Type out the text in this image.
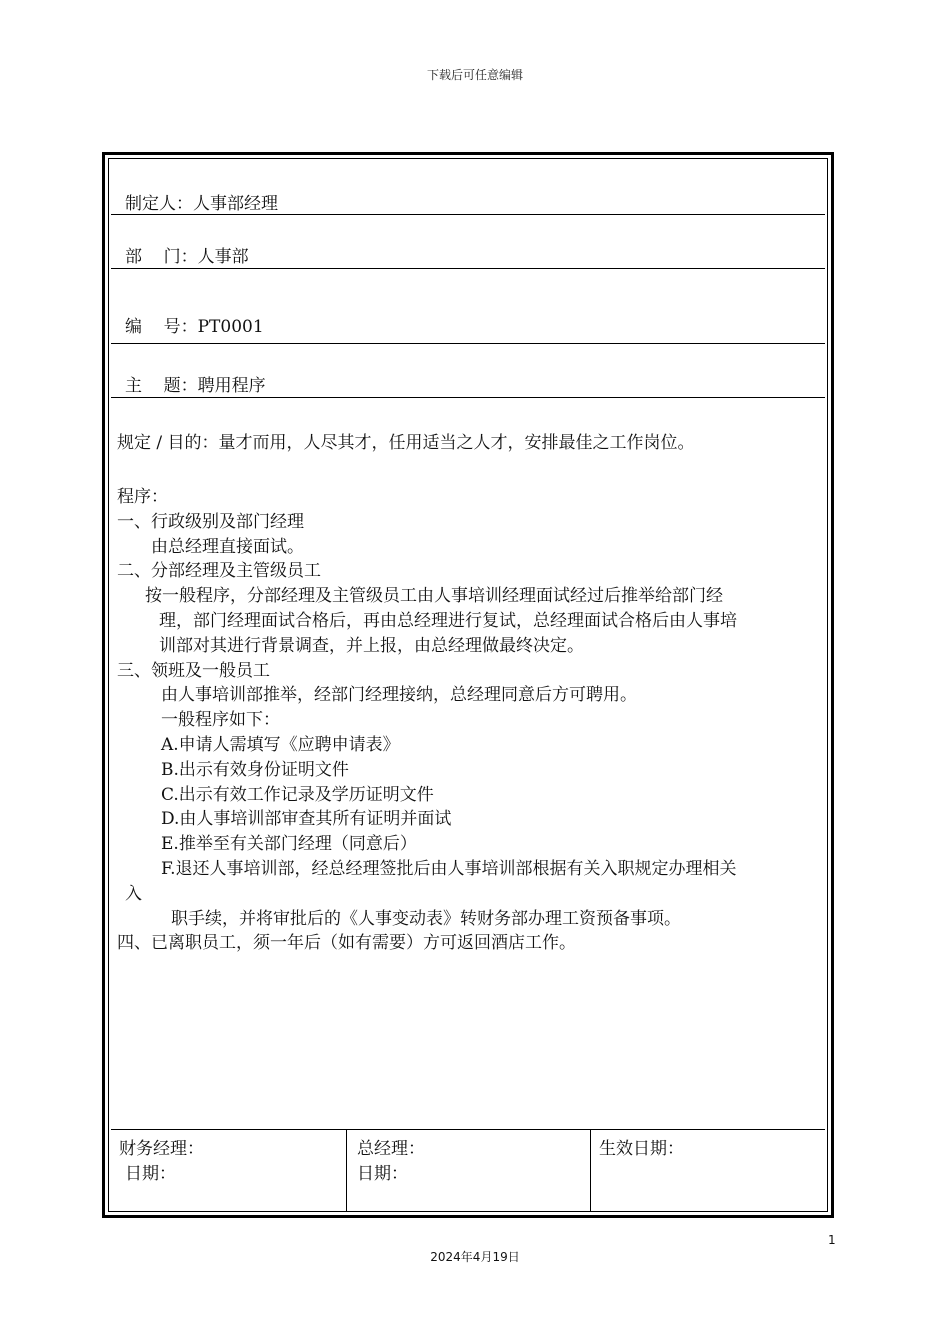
下载后可任意编辑
制定人：人事部经理
部    门：人事部
编    号：PT0001
主    题：聘用程序
规定 / 目的：量才而用，人尽其才，任用适当之人才，安排最佳之工作岗位。
程序：
一、行政级别及部门经理
由总经理直接面试。
二、分部经理及主管级员工
按一般程序，分部经理及主管级员工由人事培训经理面试经过后推举给部门经
理，部门经理面试合格后，再由总经理进行复试，总经理面试合格后由人事培
训部对其进行背景调查，并上报，由总经理做最终决定。
三、领班及一般员工
由人事培训部推举，经部门经理接纳，总经理同意后方可聘用。
一般程序如下：
A.申请人需填写《应聘申请表》
B.出示有效身份证明文件
C.出示有效工作记录及学历证明文件
D.由人事培训部审查其所有证明并面试
E.推举至有关部门经理（同意后）
F.退还人事培训部，经总经理签批后由人事培训部根据有关入职规定办理相关
入
职手续，并将审批后的《人事变动表》转财务部办理工资预备事项。
四、已离职员工，须一年后（如有需要）方可返回酒店工作。
财务经理：
日期：
总经理：
日期：
生效日期：
1
2024年4月19日
